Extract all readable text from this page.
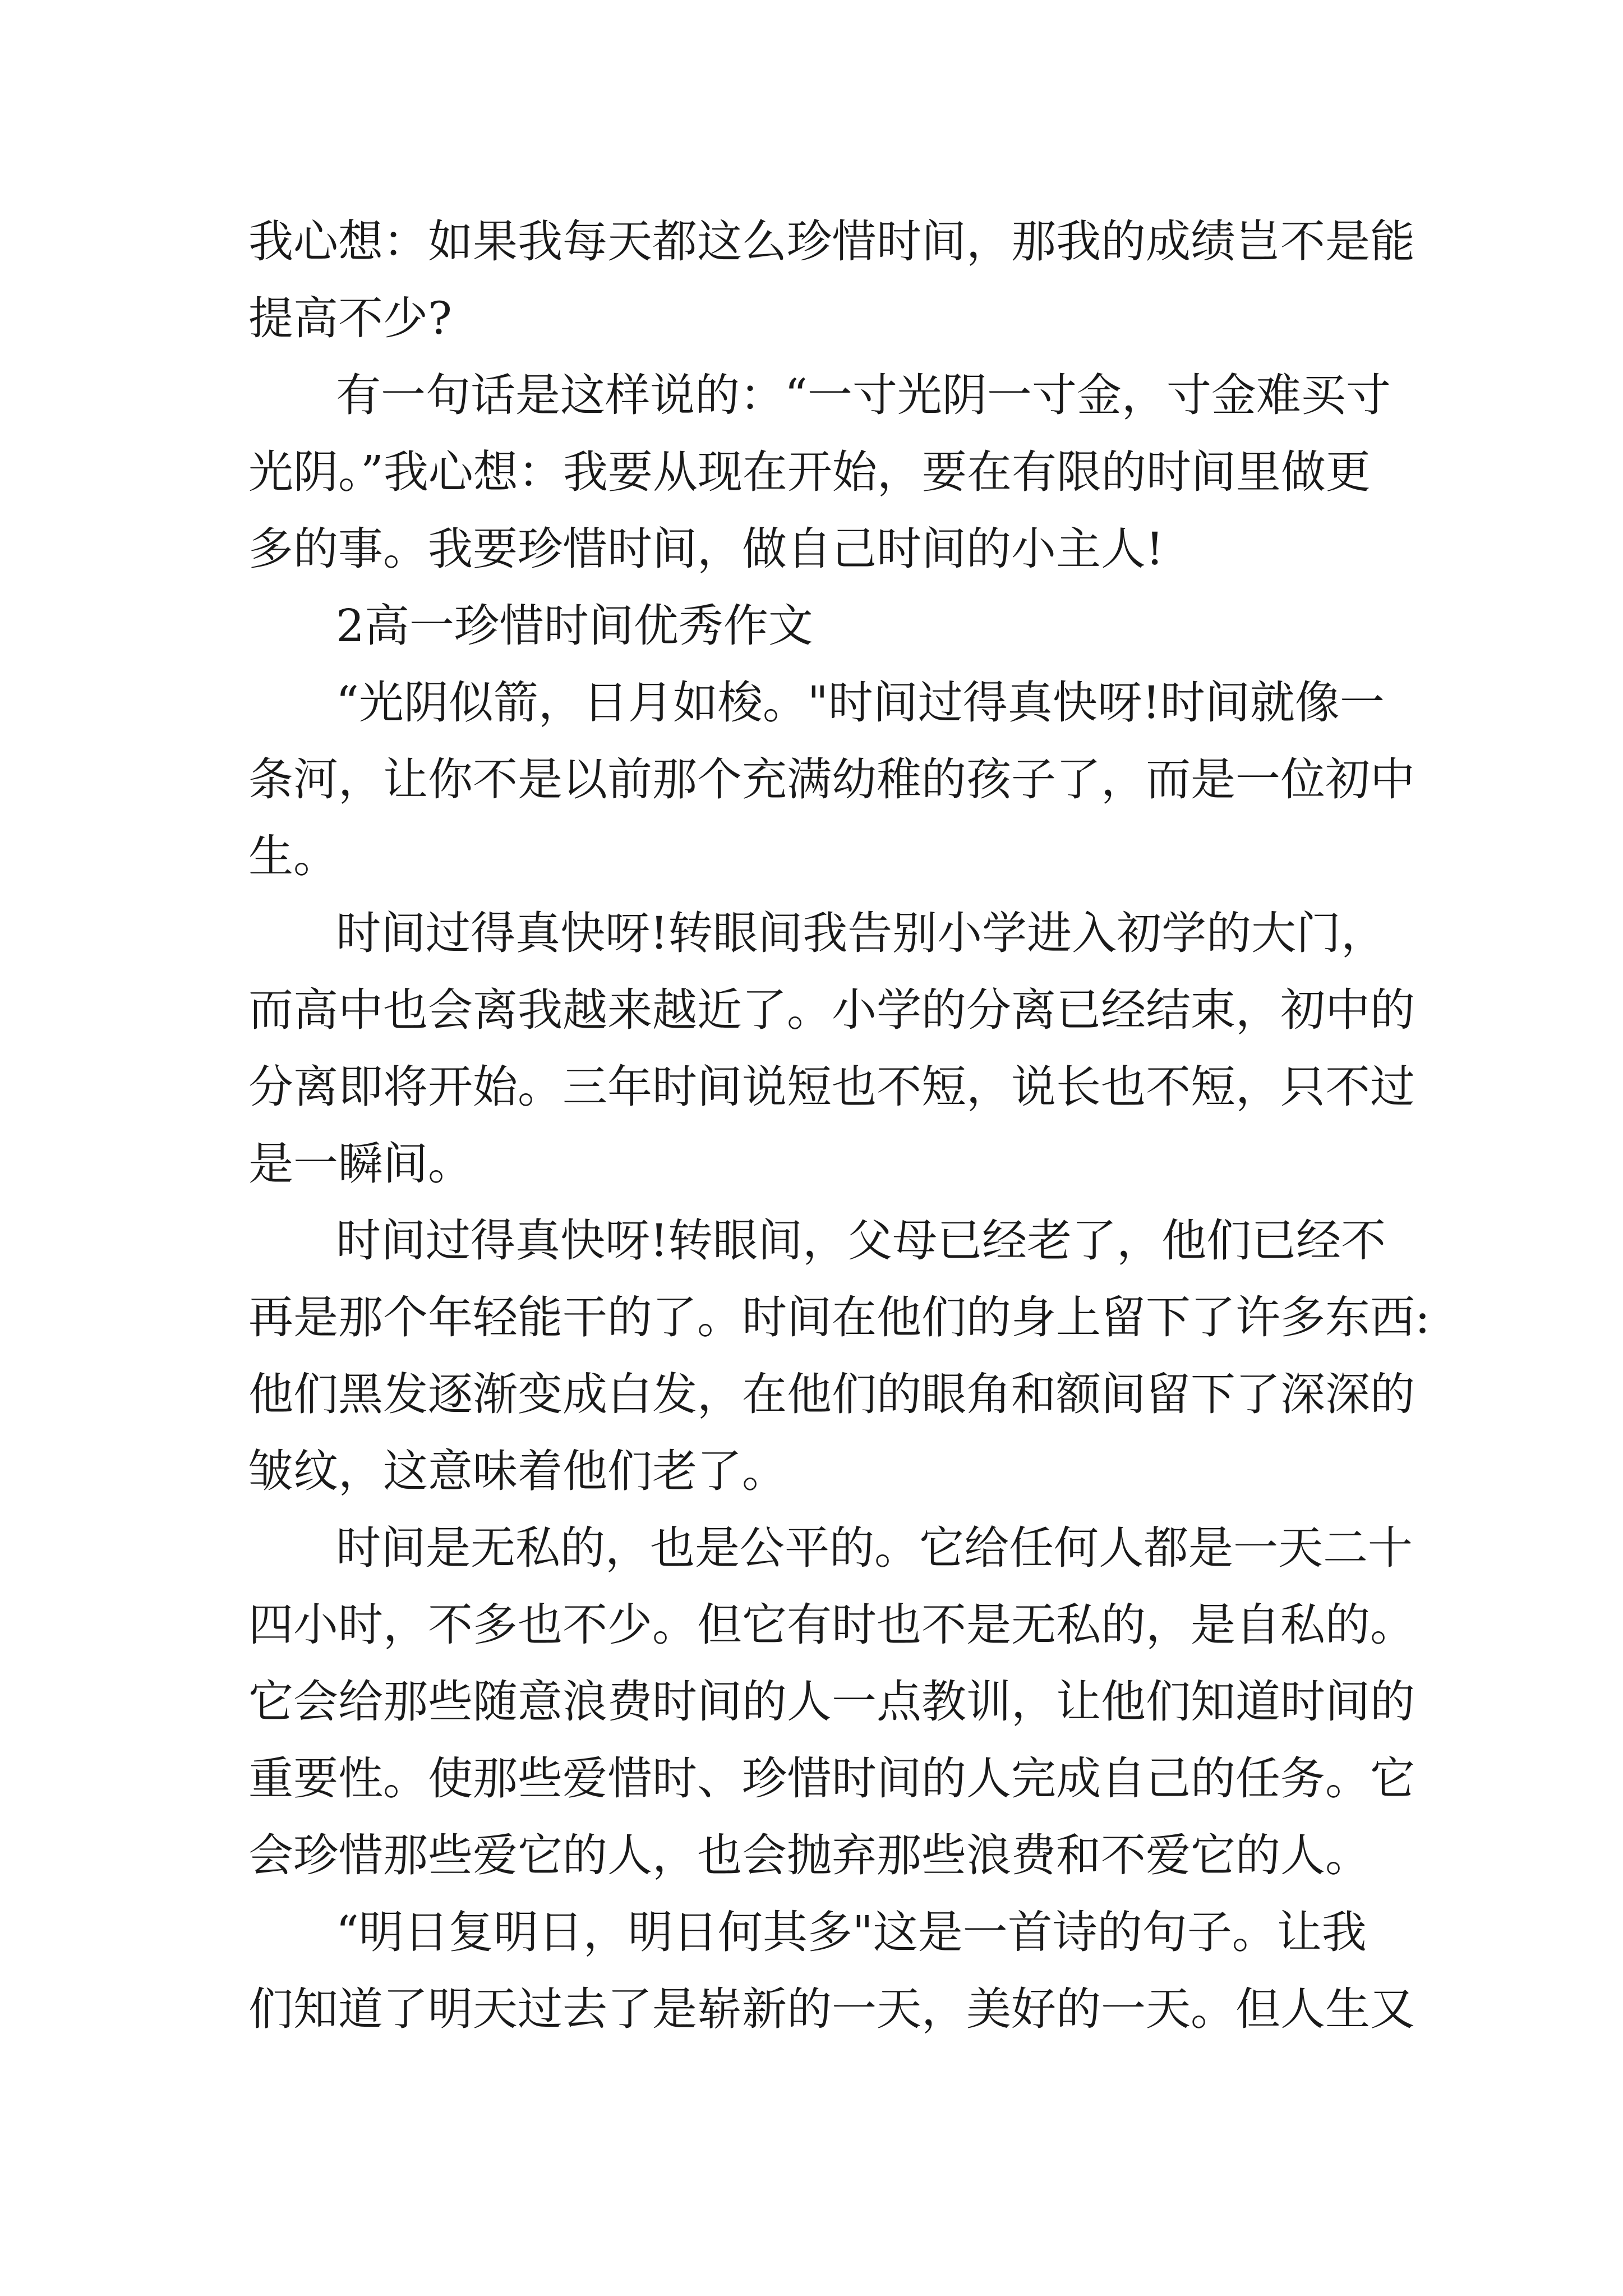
我心想：如果我每天都这么珍惜时间，那我的成绩岂不是能

提高不少?

有一句话是这样说的：“一寸光阴一寸金，寸金难买寸

光阴。”我心想：我要从现在开始，要在有限的时间里做更

多的事。我要珍惜时间，做自己时间的小主人!

2高一珍惜时间优秀作文

“光阴似箭，日月如梭。"时间过得真快呀!时间就像一

条河，让你不是以前那个充满幼稚的孩子了，而是一位初中

生。

时间过得真快呀!转眼间我告别小学进入初学的大门，

而高中也会离我越来越近了。小学的分离已经结束，初中的

分离即将开始。三年时间说短也不短，说长也不短，只不过

是一瞬间。

时间过得真快呀!转眼间，父母已经老了，他们已经不

再是那个年轻能干的了。时间在他们的身上留下了许多东西:

他们黑发逐渐变成白发，在他们的眼角和额间留下了深深的

皱纹，这意味着他们老了。

时间是无私的，也是公平的。它给任何人都是一天二十

四小时，不多也不少。但它有时也不是无私的，是自私的。

它会给那些随意浪费时间的人一点教训，让他们知道时间的

重要性。使那些爱惜时、珍惜时间的人完成自己的任务。它

会珍惜那些爱它的人，也会抛弃那些浪费和不爱它的人。

“明日复明日，明日何其多"这是一首诗的句子。让我

们知道了明天过去了是崭新的一天，美好的一天。但人生又
